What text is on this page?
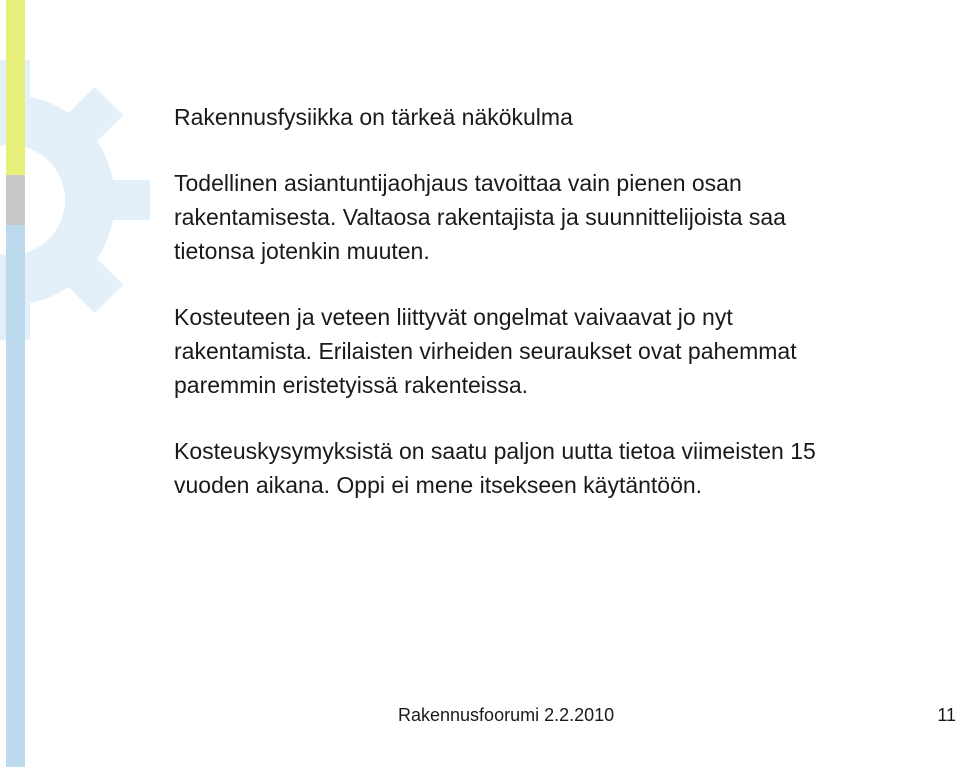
Rakennusfysiikka on tärkeä näkökulma

Todellinen asiantuntijaohjaus tavoittaa vain pienen osan
rakentamisesta. Valtaosa rakentajista ja suunnittelijoista saa
tietonsa jotenkin muuten.

Kosteuteen ja veteen liittyvät ongelmat vaivaavat jo nyt
rakentamista. Erilaisten virheiden seuraukset ovat pahemmat
paremmin eristetyissä rakenteissa.

Kosteuskysymyksistä on saatu paljon uutta tietoa viimeisten 15
vuoden aikana. Oppi ei mene itsekseen käytäntöön.

Rakennusfoorumi 2.2.2010	11
